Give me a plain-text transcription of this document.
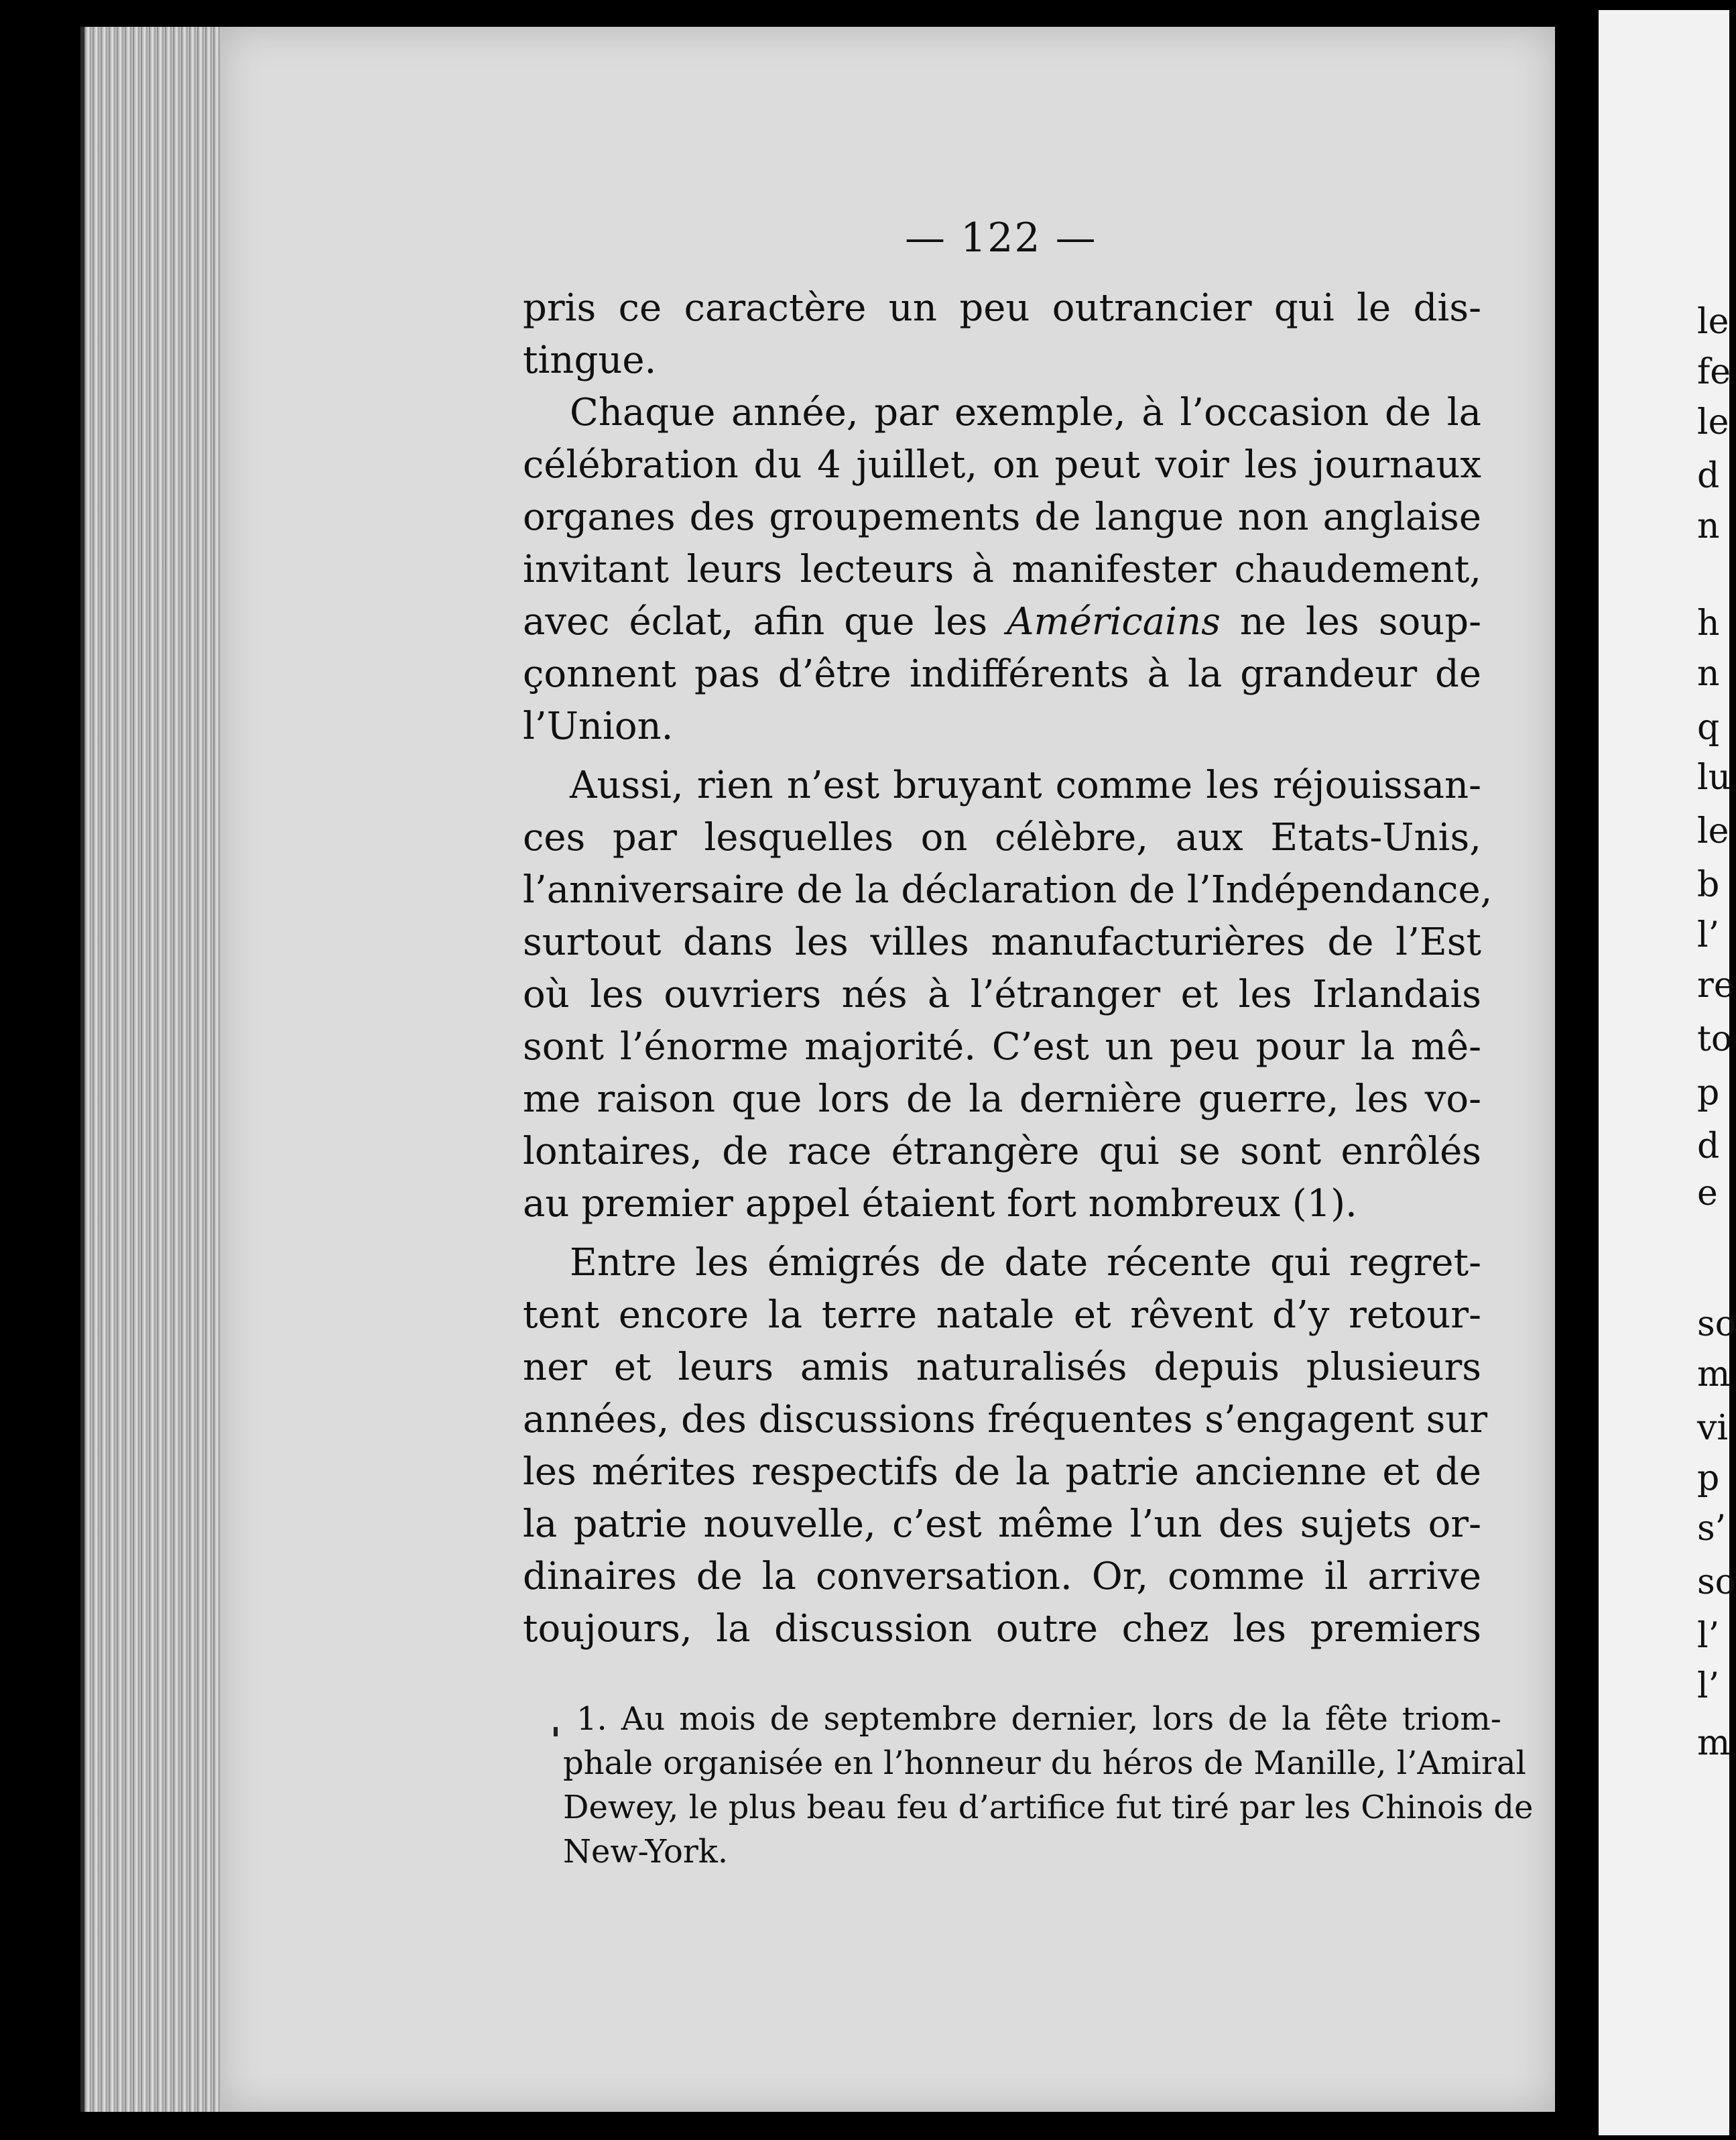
— 122 —
pris ce caractère un peu outrancier qui le dis-
tingue.
Chaque année, par exemple, à l’occasion de la
célébration du 4 juillet, on peut voir les journaux
organes des groupements de langue non anglaise
invitant leurs lecteurs à manifester chaudement,
avec éclat, afin que les Américains ne les soup-
çonnent pas d’être indifférents à la grandeur de
l’Union.
Aussi, rien n’est bruyant comme les réjouissan-
ces par lesquelles on célèbre, aux Etats-Unis,
l’anniversaire de la déclaration de l’Indépendance,
surtout dans les villes manufacturières de l’Est
où les ouvriers nés à l’étranger et les Irlandais
sont l’énorme majorité. C’est un peu pour la mê-
me raison que lors de la dernière guerre, les vo-
lontaires, de race étrangère qui se sont enrôlés
au premier appel étaient fort nombreux (1).
Entre les émigrés de date récente qui regret-
tent encore la terre natale et rêvent d’y retour-
ner et leurs amis naturalisés depuis plusieurs
années, des discussions fréquentes s’engagent sur
les mérites respectifs de la patrie ancienne et de
la patrie nouvelle, c’est même l’un des sujets or-
dinaires de la conversation. Or, comme il arrive
toujours, la discussion outre chez les premiers
1. Au mois de septembre dernier, lors de la fête triom-
phale organisée en l’honneur du héros de Manille, l’Amiral
Dewey, le plus beau feu d’artifice fut tiré par les Chinois de
New-York.
le
fe
le
d
n
h
n
q
lu
le
b
l’
re
to
p
d
e
so
m
vi
p
s’
so
l’
l’
m
